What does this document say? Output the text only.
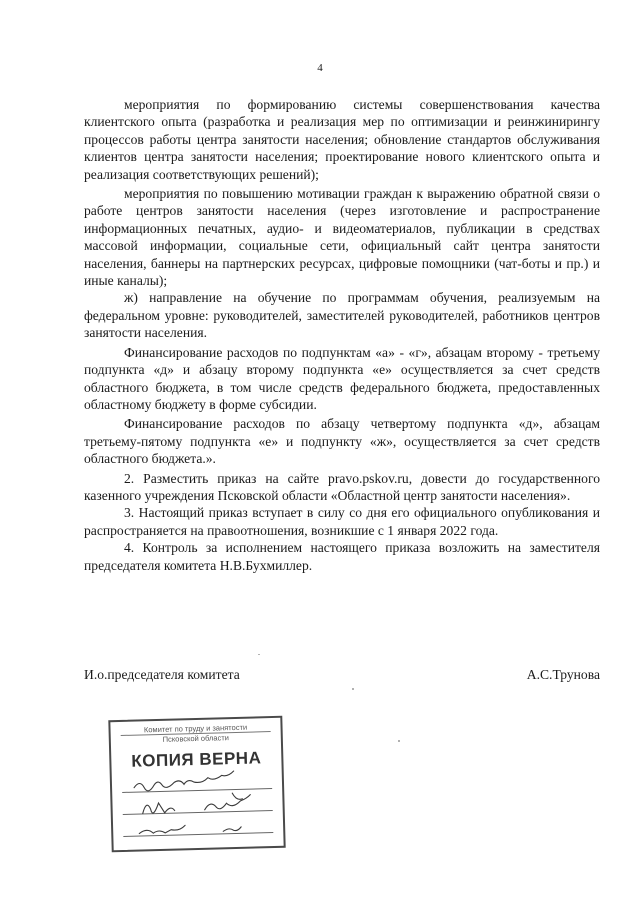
4

мероприятия по формированию системы совершенствования качества клиентского опыта (разработка и реализация мер по оптимизации и реинжинирингу процессов работы центра занятости населения; обновление стандартов обслуживания клиентов центра занятости населения; проектирование нового клиентского опыта и реализация соответствующих решений);

мероприятия по повышению мотивации граждан к выражению обратной связи о работе центров занятости населения (через изготовление и распространение информационных печатных, аудио- и видеоматериалов, публикации в средствах массовой информации, социальные сети, официальный сайт центра занятости населения, баннеры на партнерских ресурсах, цифровые помощники (чат-боты и пр.) и иные каналы);

ж) направление на обучение по программам обучения, реализуемым на федеральном уровне: руководителей, заместителей руководителей, работников центров занятости населения.

Финансирование расходов по подпунктам «а» - «г», абзацам второму - третьему подпункта «д» и абзацу второму подпункта «е» осуществляется за счет средств областного бюджета, в том числе средств федерального бюджета, предоставленных областному бюджету в форме субсидии.

Финансирование расходов по абзацу четвертому подпункта «д», абзацам третьему-пятому подпункта «е» и подпункту «ж», осуществляется за счет средств областного бюджета.».

2. Разместить приказ на сайте pravo.pskov.ru, довести до государственного казенного учреждения Псковской области «Областной центр занятости населения».

3. Настоящий приказ вступает в силу со дня его официального опубликования и распространяется на правоотношения, возникшие с 1 января 2022 года.

4. Контроль за исполнением настоящего приказа возложить на заместителя председателя комитета Н.В.Бухмиллер.

И.о.председателя комитета	А.С.Трунова
Комитет по труду и занятости
Псковской области
КОПИЯ ВЕРНА
